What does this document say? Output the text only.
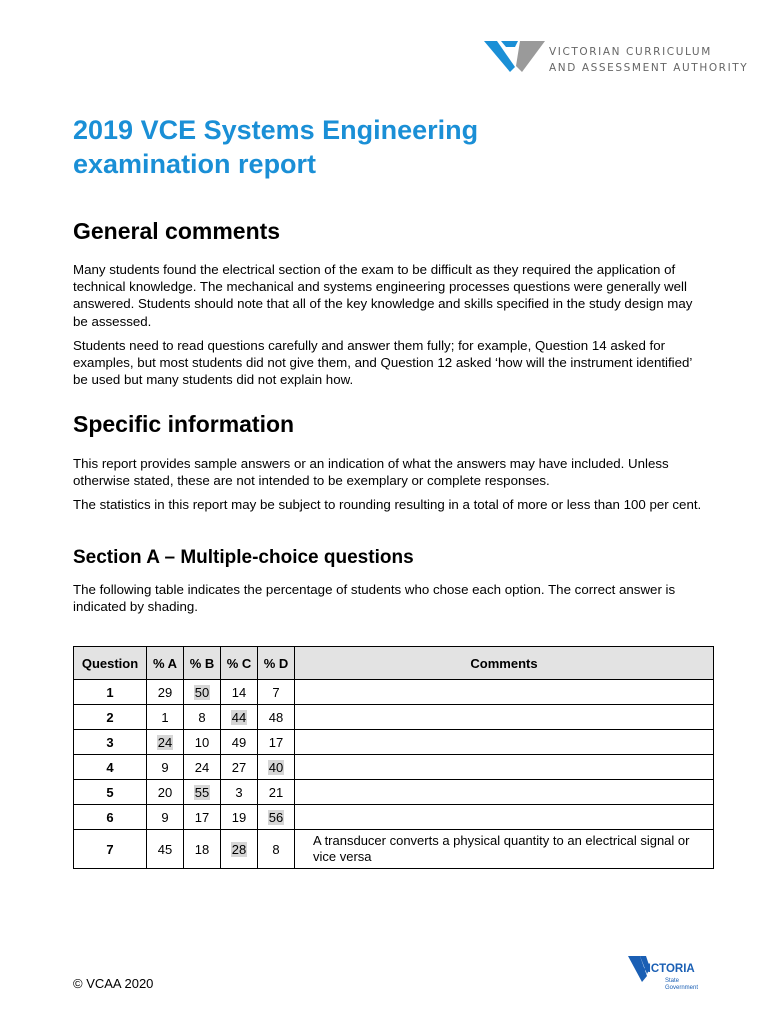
VICTORIAN CURRICULUM
AND ASSESSMENT AUTHORITY
2019 VCE Systems Engineering
examination report
General comments

Many students found the electrical section of the exam to be difficult as they required the application of technical knowledge. The mechanical and systems engineering processes questions were generally well answered. Students should note that all of the key knowledge and skills specified in the study design may be assessed.

Students need to read questions carefully and answer them fully; for example, Question 14 asked for examples, but most students did not give them, and Question 12 asked ‘how will the instrument identified’ be used but many students did not explain how.

Specific information

This report provides sample answers or an indication of what the answers may have included. Unless otherwise stated, these are not intended to be exemplary or complete responses.

The statistics in this report may be subject to rounding resulting in a total of more or less than 100 per cent.

Section A – Multiple-choice questions

The following table indicates the percentage of students who chose each option. The correct answer is indicated by shading.

Question	% A	% B	% C	% D	Comments
1	29	50	14	7	
2	1	8	44	48	
3	24	10	49	17	
4	9	24	27	40	
5	20	55	3	21	
6	9	17	19	56	
7	45	18	28	8	A transducer converts a physical quantity to an electrical signal or vice versa
© VCAA 2020
VICTORIA
State
Government
